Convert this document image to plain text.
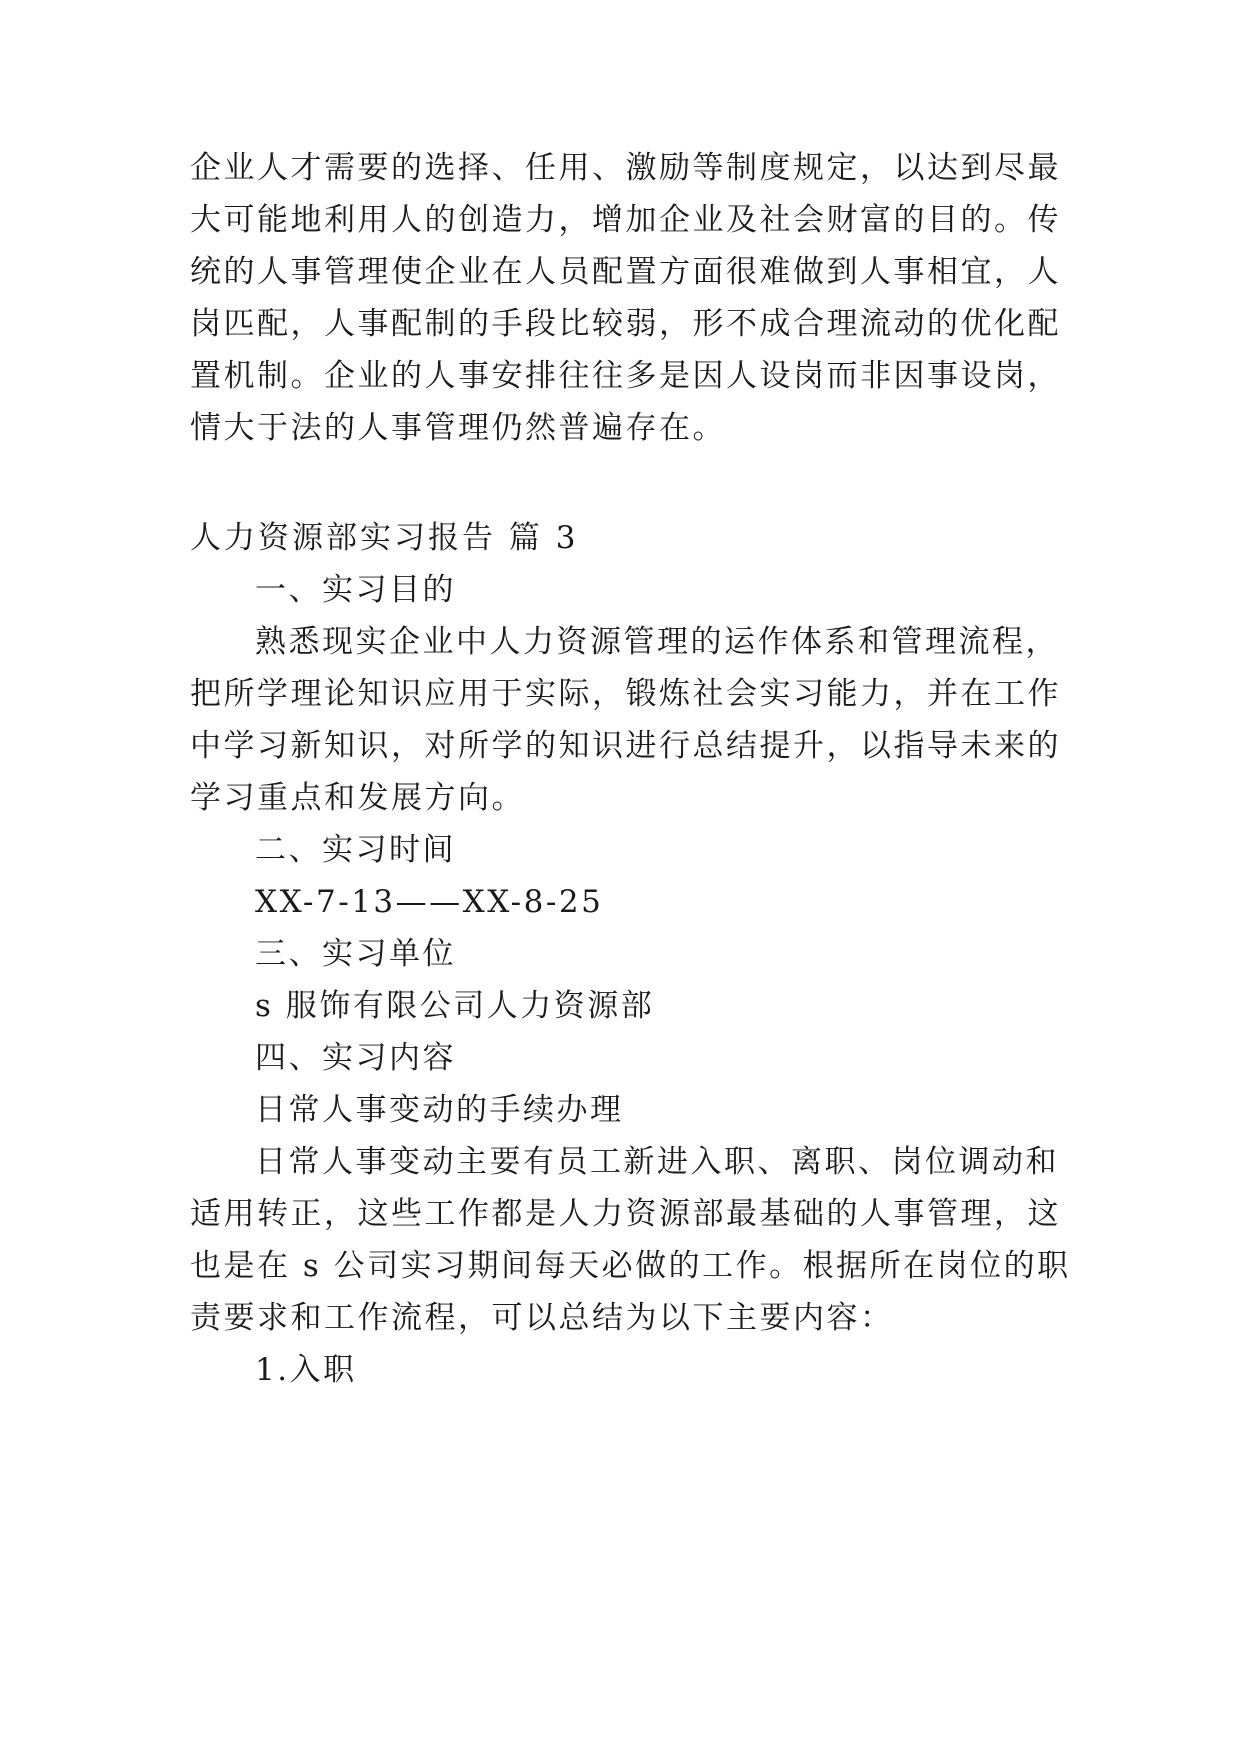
企业人才需要的选择、任用、激励等制度规定，以达到尽最
大可能地利用人的创造力，增加企业及社会财富的目的。传
统的人事管理使企业在人员配置方面很难做到人事相宜，人
岗匹配，人事配制的手段比较弱，形不成合理流动的优化配
置机制。企业的人事安排往往多是因人设岗而非因事设岗，
情大于法的人事管理仍然普遍存在。
人力资源部实习报告 篇 3
一、实习目的
熟悉现实企业中人力资源管理的运作体系和管理流程，
把所学理论知识应用于实际，锻炼社会实习能力，并在工作
中学习新知识，对所学的知识进行总结提升，以指导未来的
学习重点和发展方向。
二、实习时间
XX-7-13——XX-8-25
三、实习单位
s 服饰有限公司人力资源部
四、实习内容
日常人事变动的手续办理
日常人事变动主要有员工新进入职、离职、岗位调动和
适用转正，这些工作都是人力资源部最基础的人事管理，这
也是在 s 公司实习期间每天必做的工作。根据所在岗位的职
责要求和工作流程，可以总结为以下主要内容：
1.入职
